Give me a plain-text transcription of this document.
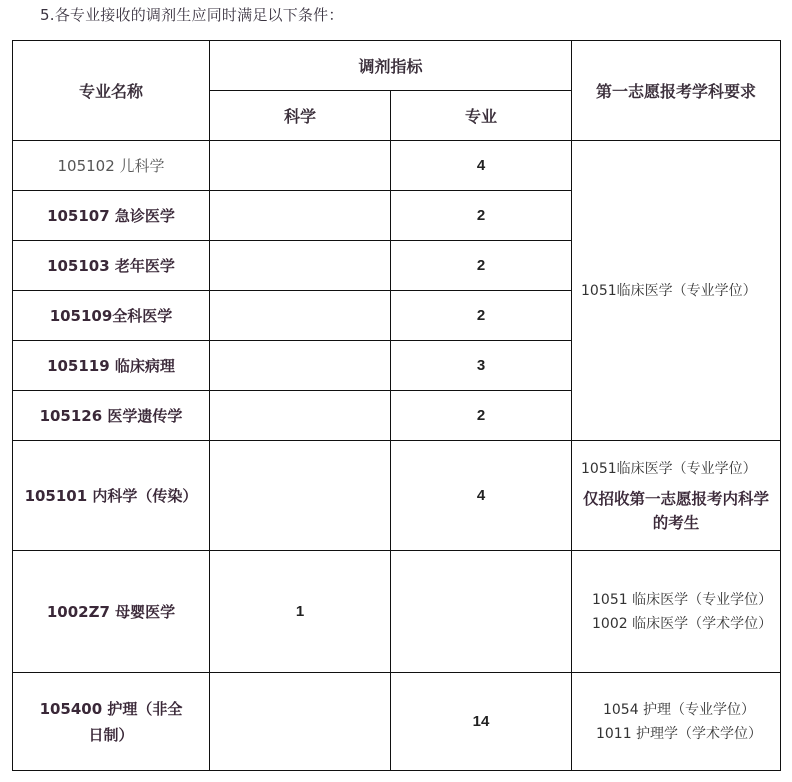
5.各专业接收的调剂生应同时满足以下条件：
专业名称	调剂指标		第一志愿报考学科要求
	科学	专业	
105102 儿科学		4	1051临床医学（专业学位）
105107 急诊医学		2	
105103 老年医学		2	
105109全科医学		2	
105119 临床病理		3	
105126 医学遗传学		2	
105101 内科学（传染）		4	1051临床医学（专业学位）
仅招收第一志愿报考内科学的考生

1002Z7 母婴医学	1		1051 临床医学（专业学位）
1002 临床医学（学术学位）

105400 护理（非全日制）		14	1054 护理（专业学位）
1011 护理学（学术学位）
